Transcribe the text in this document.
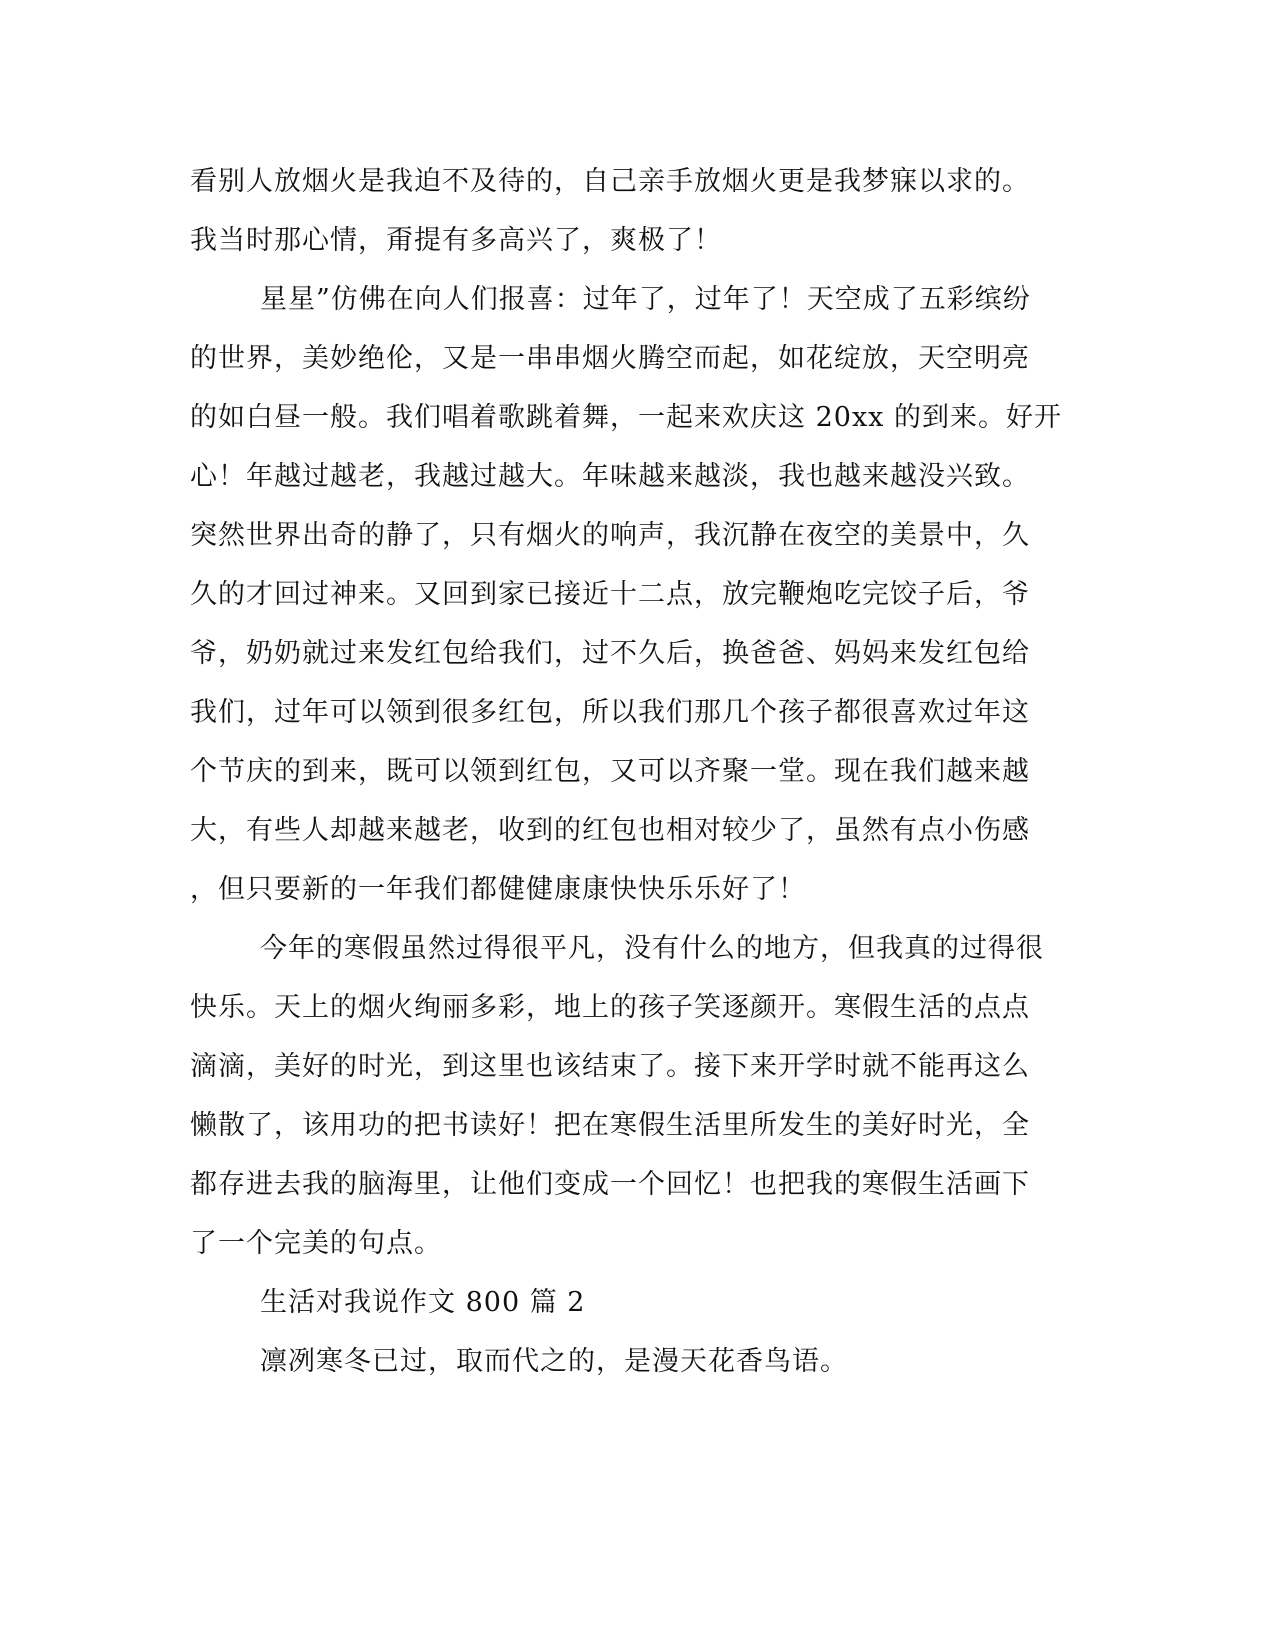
看别人放烟火是我迫不及待的，自己亲手放烟火更是我梦寐以求的。
我当时那心情，甭提有多高兴了，爽极了！
星星”仿佛在向人们报喜：过年了，过年了！天空成了五彩缤纷
的世界，美妙绝伦，又是一串串烟火腾空而起，如花绽放，天空明亮
的如白昼一般。我们唱着歌跳着舞，一起来欢庆这 20xx 的到来。好开
心！年越过越老，我越过越大。年味越来越淡，我也越来越没兴致。
突然世界出奇的静了，只有烟火的响声，我沉静在夜空的美景中，久
久的才回过神来。又回到家已接近十二点，放完鞭炮吃完饺子后，爷
爷，奶奶就过来发红包给我们，过不久后，换爸爸、妈妈来发红包给
我们，过年可以领到很多红包，所以我们那几个孩子都很喜欢过年这
个节庆的到来，既可以领到红包，又可以齐聚一堂。现在我们越来越
大，有些人却越来越老，收到的红包也相对较少了，虽然有点小伤感
，但只要新的一年我们都健健康康快快乐乐好了！
今年的寒假虽然过得很平凡，没有什么的地方，但我真的过得很
快乐。天上的烟火绚丽多彩，地上的孩子笑逐颜开。寒假生活的点点
滴滴，美好的时光，到这里也该结束了。接下来开学时就不能再这么
懒散了，该用功的把书读好！把在寒假生活里所发生的美好时光，全
都存进去我的脑海里，让他们变成一个回忆！也把我的寒假生活画下
了一个完美的句点。
生活对我说作文 800 篇 2
凛冽寒冬已过，取而代之的，是漫天花香鸟语。
